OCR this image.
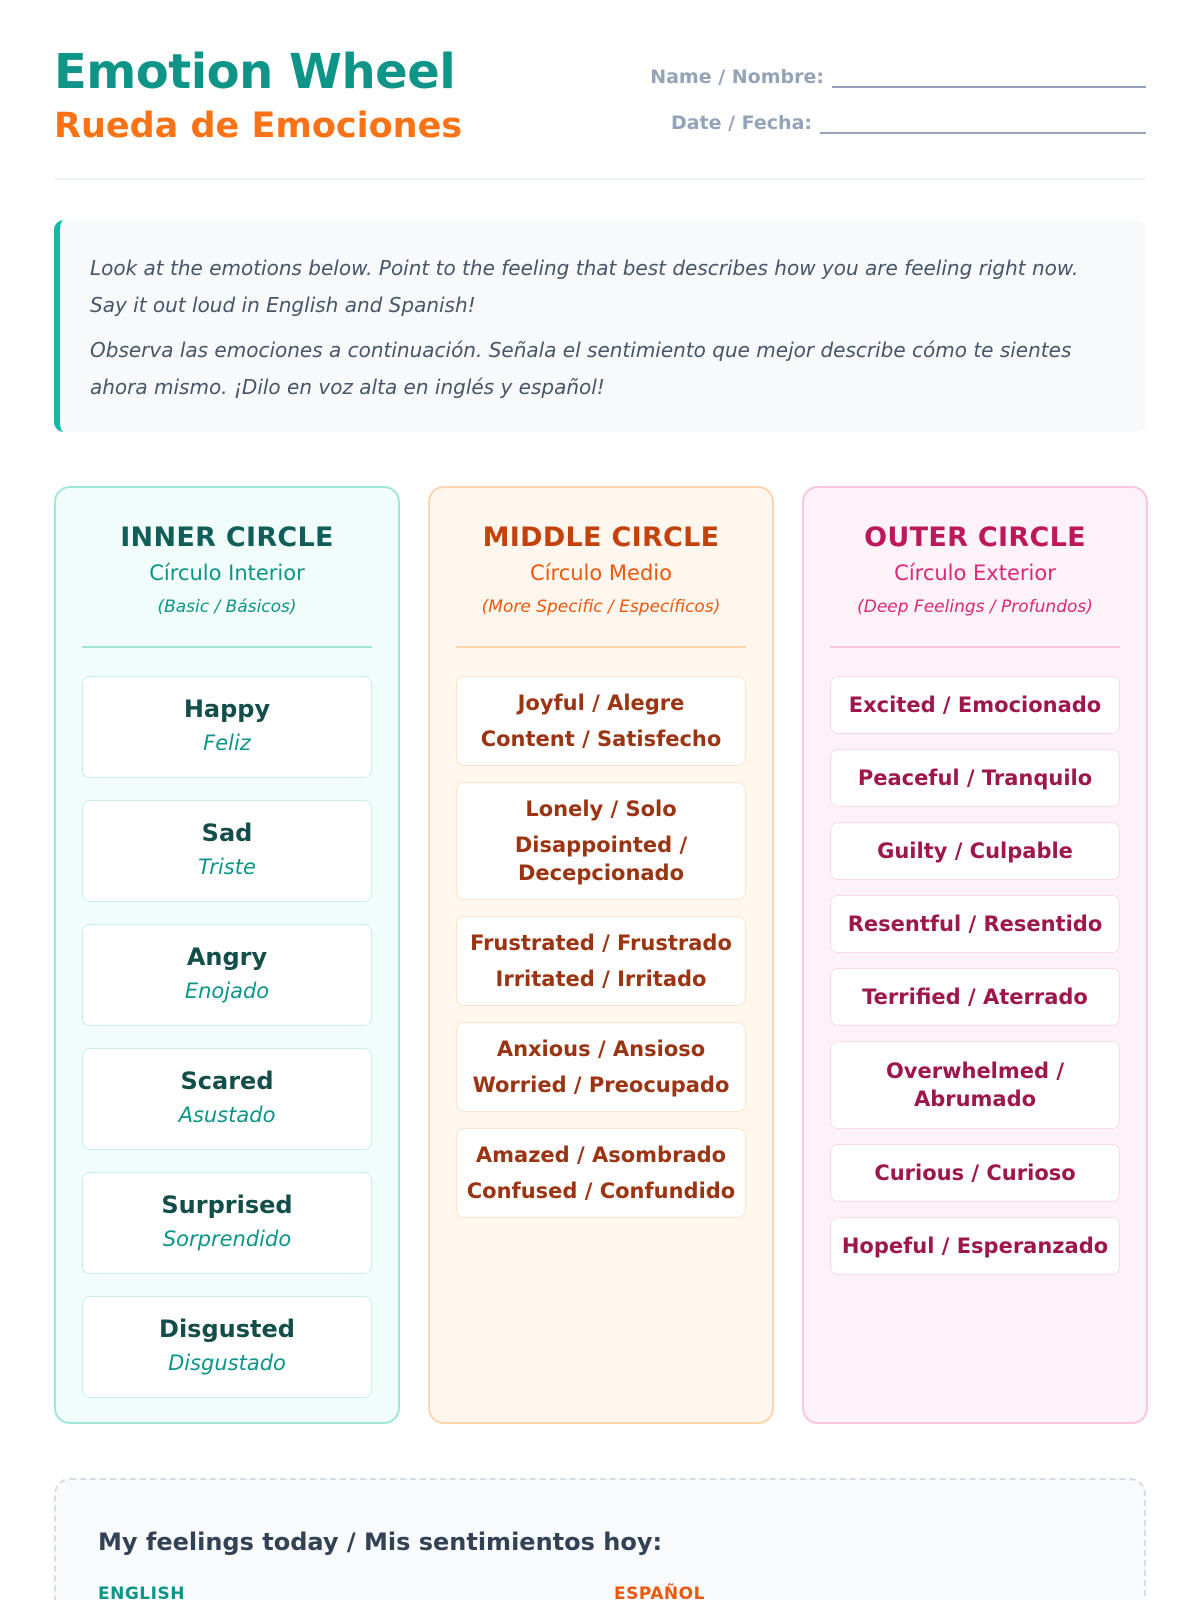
Emotion Wheel
Rueda de Emociones
Name / Nombre:
Date / Fecha:

Look at the emotions below. Point to the feeling that best describes how you are feeling right now. Say it out loud in English and Spanish!

Observa las emociones a continuación. Señala el sentimiento que mejor describe cómo te sientes ahora mismo. ¡Dilo en voz alta en inglés y español!

INNER CIRCLE
Círculo Interior
(Basic / Básicos)
Happy
Feliz
Sad
Triste
Angry
Enojado
Scared
Asustado
Surprised
Sorprendido
Disgusted
Disgustado
MIDDLE CIRCLE
Círculo Medio
(More Specific / Específicos)
Joyful / Alegre
Content / Satisfecho
Lonely / Solo
Disappointed / Decepcionado
Frustrated / Frustrado
Irritated / Irritado
Anxious / Ansioso
Worried / Preocupado
Amazed / Asombrado
Confused / Confundido
OUTER CIRCLE
Círculo Exterior
(Deep Feelings / Profundos)
Excited / Emocionado
Peaceful / Tranquilo
Guilty / Culpable
Resentful / Resentido
Terrified / Aterrado
Overwhelmed / Abrumado
Curious / Curioso
Hopeful / Esperanzado
My feelings today / Mis sentimientos hoy:
ENGLISH	ESPAÑOL
